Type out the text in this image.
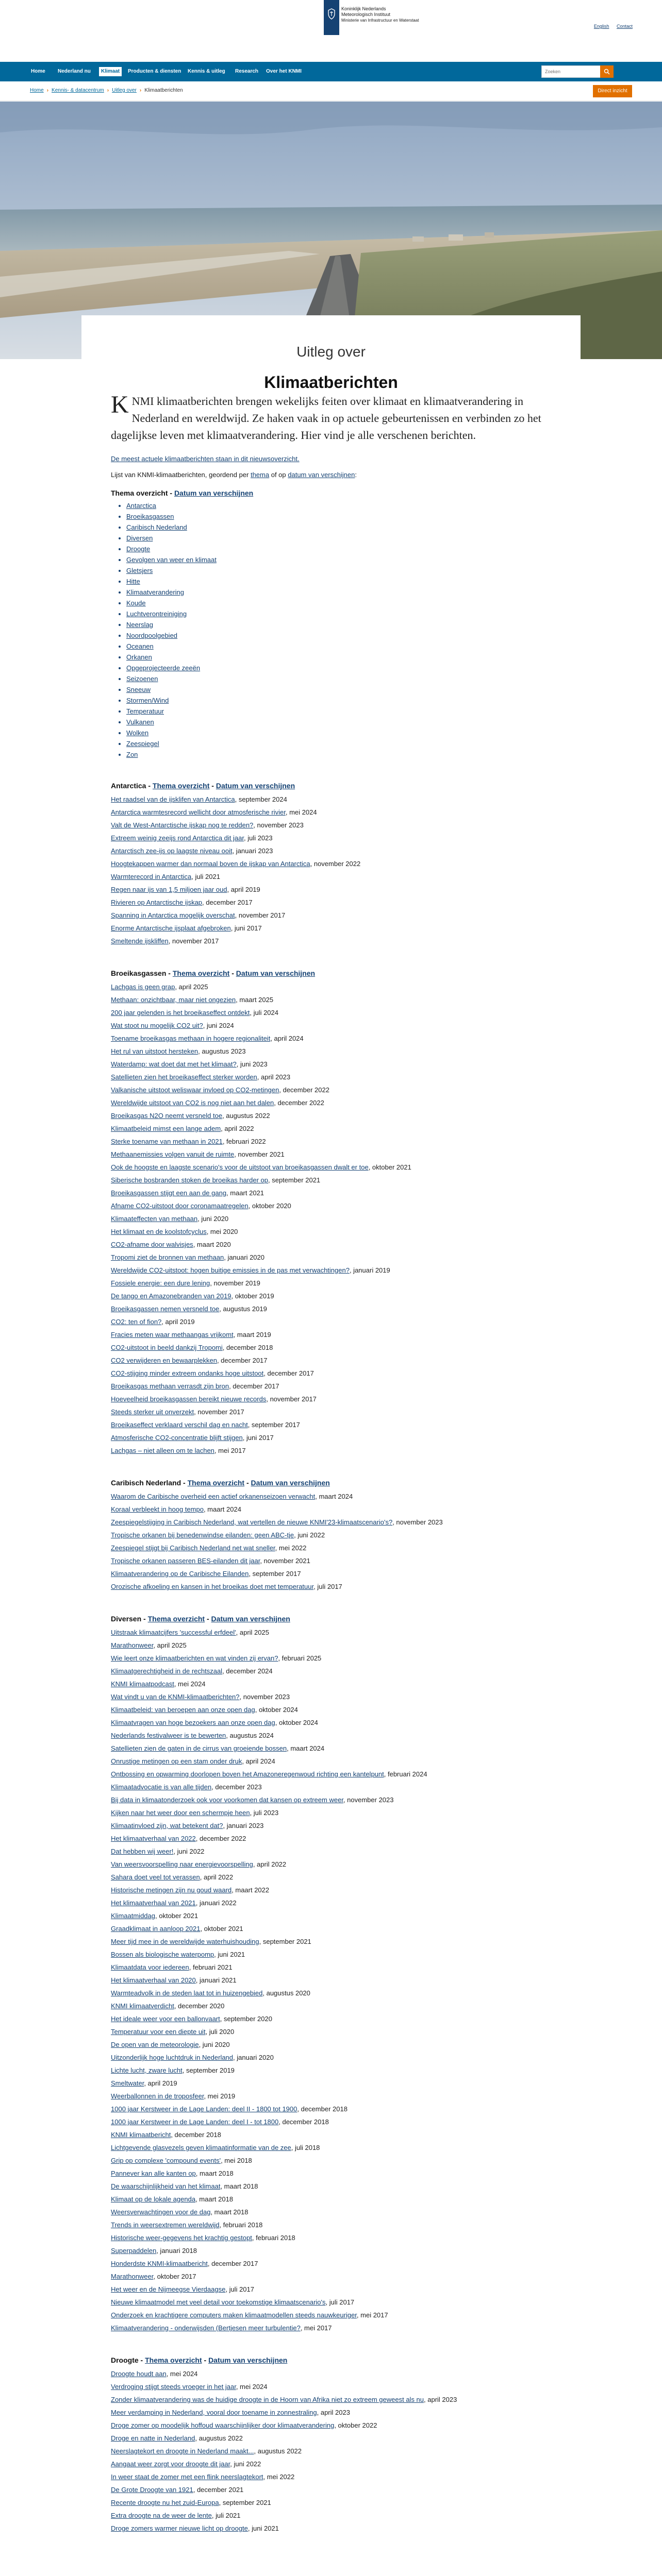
Koninklijk Nederlands
Meteorologisch Instituut
Ministerie van Infrastructuur en Waterstaat
English Contact
Home	Nederland nu	Klimaat	Producten & diensten	Kennis & uitleg	Research	Over het KNMI
Zoeken
Home › Kennis- & datacentrum › Uitleg over › Klimaatberichten	Direct inzicht
Uitleg over
Klimaatberichten

KNMI klimaatberichten brengen wekelijks feiten over klimaat en klimaatverandering in Nederland en wereldwijd. Ze haken vaak in op actuele gebeurtenissen en verbinden zo het dagelijkse leven met klimaatverandering. Hier vind je alle verschenen berichten.

De meest actuele klimaatberichten staan in dit nieuwsoverzicht.

Lijst van KNMI-klimaatberichten, geordend per thema of op datum van verschijnen:

Thema overzicht - Datum van verschijnen
• Antarctica
• Broeikasgassen
• Caribisch Nederland
• Diversen
• Droogte
• Gevolgen van weer en klimaat
• Gletsjers
• Hitte
• Klimaatverandering
• Koude
• Luchtverontreiniging
• Neerslag
• Noordpoolgebied
• Oceanen
• Orkanen
• Opgeprojecteerde zeeën
• Seizoenen
• Sneeuw
• Stormen/Wind
• Temperatuur
• Vulkanen
• Wolken
• Zeespiegel
• Zon
Antarctica - Thema overzicht - Datum van verschijnen
Het raadsel van de ijsklifen van Antarctica, september 2024
Antarctica warmtesrecord wellicht door atmosferische rivier, mei 2024
Valt de West-Antarctische ijskap nog te redden?, november 2023
Extreem weinig zeeijs rond Antarctica dit jaar, juli 2023
Antarctisch zee-ijs op laagste niveau ooit, januari 2023
Hoogtekappen warmer dan normaal boven de ijskap van Antarctica, november 2022
Warmterecord in Antarctica, juli 2021
Regen naar ijs van 1,5 miljoen jaar oud, april 2019
Rivieren op Antarctische ijskap, december 2017
Spanning in Antarctica mogelijk overschat, november 2017
Enorme Antarctische ijsplaat afgebroken, juni 2017
Smeltende ijskliffen, november 2017
Broeikasgassen - Thema overzicht - Datum van verschijnen
Lachgas is geen grap, april 2025
Methaan: onzichtbaar, maar niet ongezien, maart 2025
200 jaar gelenden is het broeikaseffect ontdekt, juli 2024
Wat stoot nu mogelijk CO2 uit?, juni 2024
Toename broeikasgas methaan in hogere regionaliteit, april 2024
Het rul van uitstoot hersteken, augustus 2023
Waterdamp: wat doet dat met het klimaat?, juni 2023
Satellieten zien het broeikaseffect sterker worden, april 2023
Valkanische uitstoot weliswaar invloed op CO2-metingen, december 2022
Wereldwijde uitstoot van CO2 is nog niet aan het dalen, december 2022
Broeikasgas N2O neemt versneld toe, augustus 2022
Klimaatbeleid mimst een lange adem, april 2022
Sterke toename van methaan in 2021, februari 2022
Methaanemissies volgen vanuit de ruimte, november 2021
Ook de hoogste en laagste scenario's voor de uitstoot van broeikasgassen dwalt er toe, oktober 2021
Siberische bosbranden stoken de broeikas harder op, september 2021
Broeikasgassen stijgt een aan de gang, maart 2021
Afname CO2-uitstoot door coronamaatregelen, oktober 2020
Klimaateffecten van methaan, juni 2020
Het klimaat en de koolstofcyclus, mei 2020
CO2-afname door walvisjes, maart 2020
Tropomi ziet de bronnen van methaan, januari 2020
Wereldwijde CO2-uitstoot: hogen buitige emissies in de pas met verwachtingen?, januari 2019
Fossiele energie: een dure lening, november 2019
De tango en Amazonebranden van 2019, oktober 2019
Broeikasgassen nemen versneld toe, augustus 2019
CO2: ten of fion?, april 2019
Fracies meten waar methaangas vrijkomt, maart 2019
CO2-uitstoot in beeld dankzij Tropomi, december 2018
CO2 verwijderen en bewaarplekken, december 2017
CO2-stijging minder extreem ondanks hoge uitstoot, december 2017
Broeikasgas methaan verrasdt zijn bron, december 2017
Hoeveelheid broeikasgassen bereikt nieuwe records, november 2017
Steeds sterker uit onverzekt, november 2017
Broeikaseffect verklaard verschil dag en nacht, september 2017
Atmosferische CO2-concentratie blijft stijgen, juni 2017
Lachgas – niet alleen om te lachen, mei 2017
Caribisch Nederland - Thema overzicht - Datum van verschijnen
Waarom de Caribische overheid een actief orkanenseizoen verwacht, maart 2024
Koraal verbleekt in hoog tempo, maart 2024
Zeespiegelstijging in Caribisch Nederland, wat vertellen de nieuwe KNMI'23-klimaatscenario's?, november 2023
Tropische orkanen bij benedenwindse eilanden: geen ABC-tje, juni 2022
Zeespiegel stijgt bij Caribisch Nederland net wat sneller, mei 2022
Tropische orkanen passeren BES-eilanden dit jaar, november 2021
Klimaatverandering op de Caribische Eilanden, september 2017
Orozische afkoeling en kansen in het broeikas doet met temperatuur, juli 2017
Diversen - Thema overzicht - Datum van verschijnen
Uitstraak klimaatcijfers 'successful erfdeel', april 2025
Marathonweer, april 2025
Wie leert onze klimaatberichten en wat vinden zij ervan?, februari 2025
Klimaatgerechtigheid in de rechtszaal, december 2024
KNMI klimaatpodcast, mei 2024
Wat vindt u van de KNMI-klimaatberichten?, november 2023
Klimaatbeleid: van beroepen aan onze open dag, oktober 2024
Klimaatvragen van hoge bezoekers aan onze open dag, oktober 2024
Nederlands festivalweer is te bewerten, augustus 2024
Satellieten zien de gaten in de cirrus van groeiende bossen, maart 2024
Onrustige metingen op een stam onder druk, april 2024
Ontbossing en opwarming doorlopen boven het Amazoneregenwoud richting een kantelpunt, februari 2024
Klimaatadvocatie is van alle tijden, december 2023
Bij data in klimaatonderzoek ook voor voorkomen dat kansen op extreem weer, november 2023
Kijken naar het weer door een schermpje heen, juli 2023
Klimaatinvloed zijn, wat betekent dat?, januari 2023
Het klimaatverhaal van 2022, december 2022
Dat hebben wij weer!, juni 2022
Van weersvoorspelling naar energievoorspelling, april 2022
Sahara doet veel tot verassen, april 2022
Historische metingen zijn nu goud waard, maart 2022
Het klimaatverhaal van 2021, januari 2022
Klimaatmiddag, oktober 2021
Graadklimaat in aanloop 2021, oktober 2021
Meer tijd mee in de wereldwijde waterhuishouding, september 2021
Bossen als biologische waterpomp, juni 2021
Klimaatdata voor iedereen, februari 2021
Het klimaatverhaal van 2020, januari 2021
Warmteadvolk in de steden laat tot in huizengebied, augustus 2020
KNMI klimaatverdicht, december 2020
Het ideale weer voor een ballonvaart, september 2020
Temperatuur voor een diepte uit, juli 2020
De open van de meteorologie, juni 2020
Uitzonderlijk hoge luchtdruk in Nederland, januari 2020
Lichte lucht, zware lucht, september 2019
Smeltwater, april 2019
Weerballonnen in de troposfeer, mei 2019
1000 jaar Kerstweer in de Lage Landen: deel II - 1800 tot 1900, december 2018
1000 jaar Kerstweer in de Lage Landen: deel I - tot 1800, december 2018
KNMI klimaatbericht, december 2018
Lichtgevende glasvezels geven klimaatinformatie van de zee, juli 2018
Grip op complexe 'compound events', mei 2018
Pannever kan alle kanten op, maart 2018
De waarschijnlijkheid van het klimaat, maart 2018
Klimaat op de lokale agenda, maart 2018
Weersverwachtingen voor de dag, maart 2018
Trends in weersextremen wereldwijd, februari 2018
Historische weer-gegevens het krachtig gestopt, februari 2018
Superpaddelen, januari 2018
Honderdste KNMI-klimaatbericht, december 2017
Marathonweer, oktober 2017
Het weer en de Nijmeegse Vierdaagse, juli 2017
Nieuwe klimaatmodel met veel detail voor toekomstige klimaatscenario's, juli 2017
Onderzoek en krachtigere computers maken klimaatmodellen steeds nauwkeuriger, mei 2017
Klimaatverandering - onderwijsden (Bertjesen meer turbulentie?, mei 2017
Droogte - Thema overzicht - Datum van verschijnen
Droogte houdt aan, mei 2024
Verdroging stijgt steeds vroeger in het jaar, mei 2024
Zonder klimaatverandering was de huidige droogte in de Hoorn van Afrika niet zo extreem geweest als nu, april 2023
Meer verdamping in Nederland, vooral door toename in zonnestraling, april 2023
Droge zomer op moodelijk hoffoud waarschijnlijker door klimaatverandering, oktober 2022
Droge en natte in Nederland, augustus 2022
Neerslagtekort en droogte in Nederland maakt..., augustus 2022
Aangaat weer zorgt voor droogte dit jaar, juni 2022
In weer staat de zomer met een flink neerslagtekort, mei 2022
De Grote Droogte van 1921, december 2021
Recente droogte nu het zuid-Europa, september 2021
Extra droogte na de weer de lente, juli 2021
Droge zomers warmer nieuwe licht op droogte, juni 2021
